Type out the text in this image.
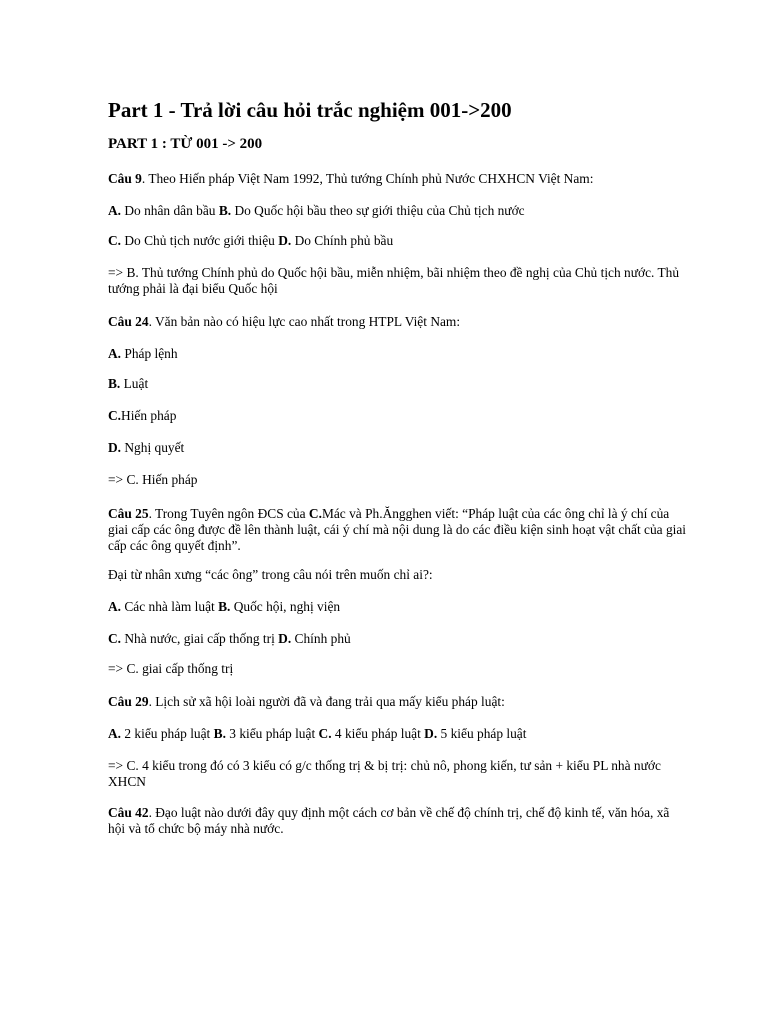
Part 1 - Trả lời câu hỏi trắc nghiệm 001->200
PART 1 : TỪ 001 -> 200

Câu 9. Theo Hiến pháp Việt Nam 1992, Thủ tướng Chính phủ Nước CHXHCN Việt Nam:

A. Do nhân dân bầu B. Do Quốc hội bầu theo sự giới thiệu của Chủ tịch nước

C. Do Chủ tịch nước giới thiệu D. Do Chính phủ bầu

=> B. Thủ tướng Chính phủ do Quốc hội bầu, miễn nhiệm, bãi nhiệm theo đề nghị của Chủ tịch nước. Thủ tướng phải là đại biểu Quốc hội

Câu 24. Văn bản nào có hiệu lực cao nhất trong HTPL Việt Nam:

A. Pháp lệnh

B. Luật

C.Hiến pháp

D. Nghị quyết

=> C. Hiến pháp

Câu 25. Trong Tuyên ngôn ĐCS của C.Mác và Ph.Ăngghen viết: “Pháp luật của các ông chỉ là ý chí của giai cấp các ông được đề lên thành luật, cái ý chí mà nội dung là do các điều kiện sinh hoạt vật chất của giai cấp các ông quyết định”.

Đại từ nhân xưng “các ông” trong câu nói trên muốn chỉ ai?:

A. Các nhà làm luật B. Quốc hội, nghị viện

C. Nhà nước, giai cấp thống trị D. Chính phủ

=> C. giai cấp thống trị

Câu 29. Lịch sử xã hội loài người đã và đang trải qua mấy kiểu pháp luật:

A. 2 kiểu pháp luật B. 3 kiểu pháp luật C. 4 kiểu pháp luật D. 5 kiểu pháp luật

=> C. 4 kiểu trong đó có 3 kiểu có g/c thống trị & bị trị: chủ nô, phong kiến, tư sản + kiểu PL nhà nước XHCN

Câu 42. Đạo luật nào dưới đây quy định một cách cơ bản về chế độ chính trị, chế độ kinh tế, văn hóa, xã hội và tổ chức bộ máy nhà nước.
